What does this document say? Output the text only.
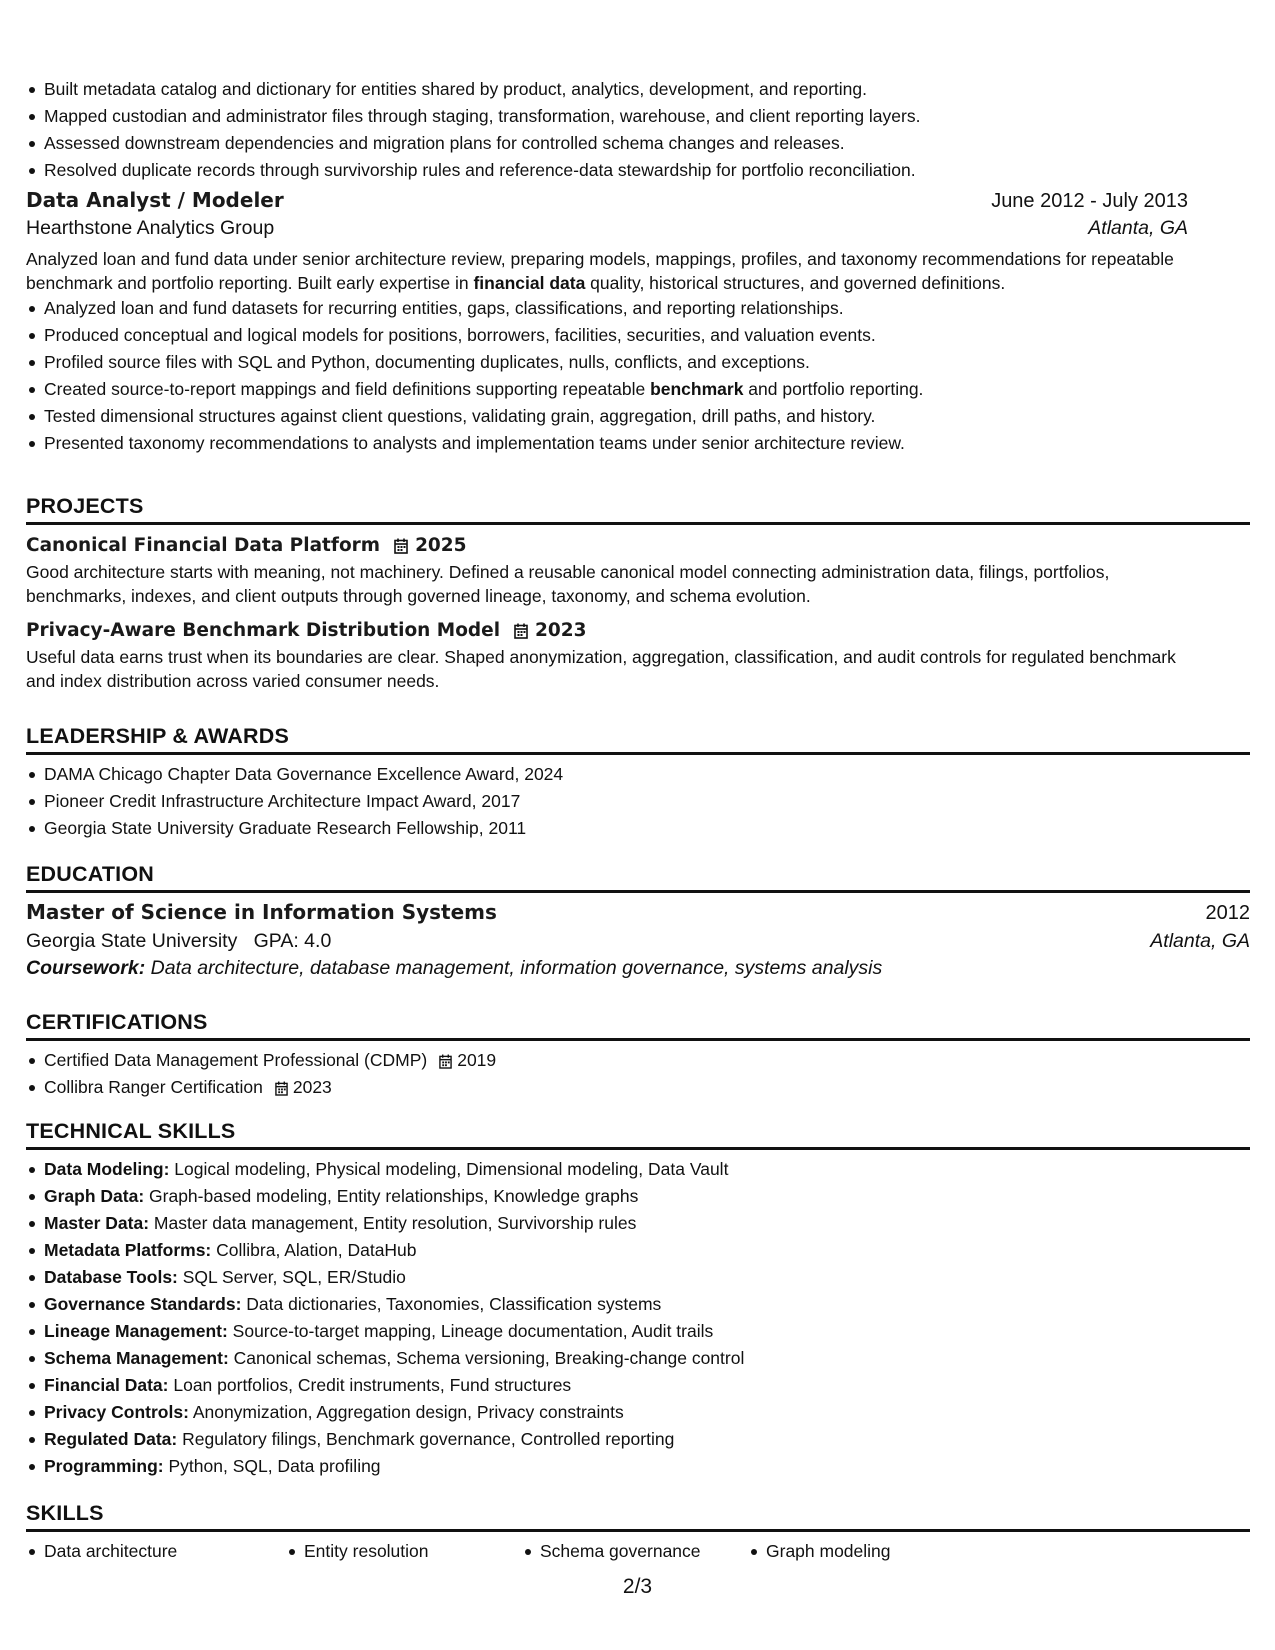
Built metadata catalog and dictionary for entities shared by product, analytics, development, and reporting.
Mapped custodian and administrator files through staging, transformation, warehouse, and client reporting layers.
Assessed downstream dependencies and migration plans for controlled schema changes and releases.
Resolved duplicate records through survivorship rules and reference-data stewardship for portfolio reconciliation.
Data Analyst / Modeler	June 2012 - July 2013
Hearthstone Analytics Group	Atlanta, GA
Analyzed loan and fund data under senior architecture review, preparing models, mappings, profiles, and taxonomy recommendations for repeatable benchmark and portfolio reporting. Built early expertise in financial data quality, historical structures, and governed definitions.
Analyzed loan and fund datasets for recurring entities, gaps, classifications, and reporting relationships.
Produced conceptual and logical models for positions, borrowers, facilities, securities, and valuation events.
Profiled source files with SQL and Python, documenting duplicates, nulls, conflicts, and exceptions.
Created source-to-report mappings and field definitions supporting repeatable benchmark and portfolio reporting.
Tested dimensional structures against client questions, validating grain, aggregation, drill paths, and history.
Presented taxonomy recommendations to analysts and implementation teams under senior architecture review.
PROJECTS
Canonical Financial Data Platform 2025
Good architecture starts with meaning, not machinery. Defined a reusable canonical model connecting administration data, filings, portfolios, benchmarks, indexes, and client outputs through governed lineage, taxonomy, and schema evolution.
Privacy-Aware Benchmark Distribution Model 2023
Useful data earns trust when its boundaries are clear. Shaped anonymization, aggregation, classification, and audit controls for regulated benchmark and index distribution across varied consumer needs.
LEADERSHIP & AWARDS
DAMA Chicago Chapter Data Governance Excellence Award, 2024
Pioneer Credit Infrastructure Architecture Impact Award, 2017
Georgia State University Graduate Research Fellowship, 2011
EDUCATION
Master of Science in Information Systems	2012
Georgia State University GPA: 4.0	Atlanta, GA
Coursework: Data architecture, database management, information governance, systems analysis
CERTIFICATIONS
Certified Data Management Professional (CDMP) 2019
Collibra Ranger Certification 2023
TECHNICAL SKILLS
Data Modeling: Logical modeling, Physical modeling, Dimensional modeling, Data Vault
Graph Data: Graph-based modeling, Entity relationships, Knowledge graphs
Master Data: Master data management, Entity resolution, Survivorship rules
Metadata Platforms: Collibra, Alation, DataHub
Database Tools: SQL Server, SQL, ER/Studio
Governance Standards: Data dictionaries, Taxonomies, Classification systems
Lineage Management: Source-to-target mapping, Lineage documentation, Audit trails
Schema Management: Canonical schemas, Schema versioning, Breaking-change control
Financial Data: Loan portfolios, Credit instruments, Fund structures
Privacy Controls: Anonymization, Aggregation design, Privacy constraints
Regulated Data: Regulatory filings, Benchmark governance, Controlled reporting
Programming: Python, SQL, Data profiling
SKILLS
Data architecture	Entity resolution	Schema governance	Graph modeling
2/3
